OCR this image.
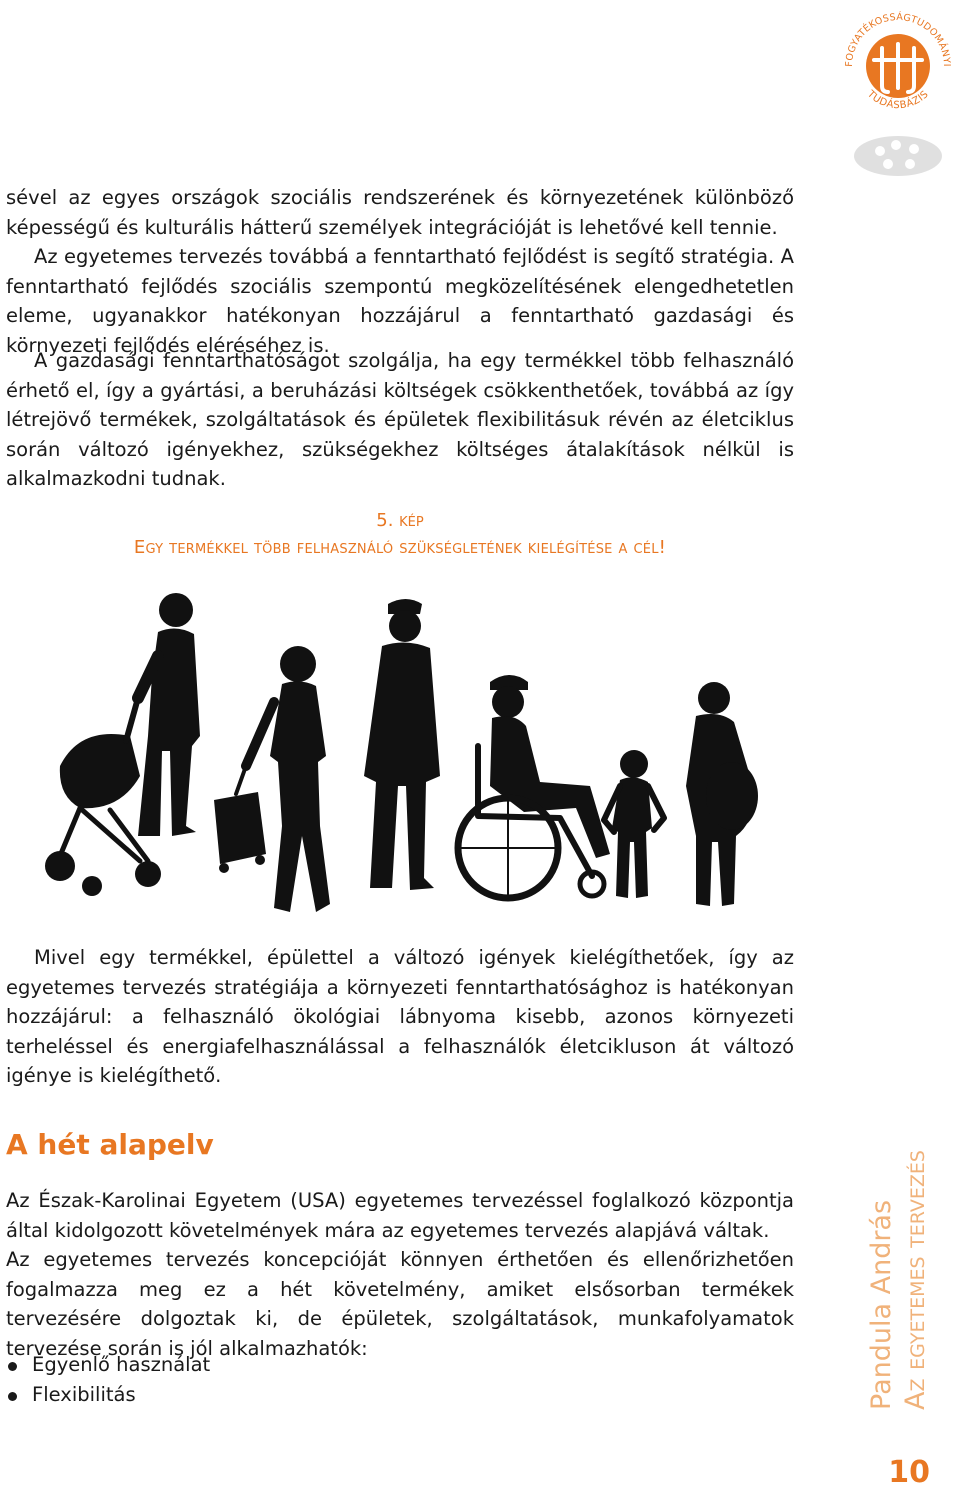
FOGYATÉKOSSÁGTUDOMÁNYI
TUDÁSBÁZIS

sével az egyes országok szociális rendszerének és környezetének különböző képességű és kulturális hátterű személyek integrációját is lehetővé kell tennie.

Az egyetemes tervezés továbbá a fenntartható fejlődést is segítő stratégia. A fenntartható fejlődés szociális szempontú megközelítésének elengedhetetlen eleme, ugyanakkor hatékonyan hozzájárul a fenntartható gazdasági és környezeti fejlődés eléréséhez is.

A gazdasági fenntarthatóságot szolgálja, ha egy termékkel több felhasználó érhető el, így a gyártási, a beruházási költségek csökkenthetőek, továbbá az így létrejövő termékek, szolgáltatások és épületek flexibilitásuk révén az életciklus során változó igényekhez, szükségekhez költséges átalakítások nélkül is alkalmazkodni tudnak.

5. kép
Egy termékkel több felhasználó szükségletének kielégítése a cél!

Mivel egy termékkel, épülettel a változó igények kielégíthetőek, így az egyetemes tervezés stratégiája a környezeti fenntarthatósághoz is hatékonyan hozzájárul: a felhasználó ökológiai lábnyoma kisebb, azonos környezeti terheléssel és energiafelhasználással a felhasználók életcikluson át változó igénye is kielégíthető.

A hét alapelv

Az Észak-Karolinai Egyetem (USA) egyetemes tervezéssel foglalkozó központja által kidolgozott követelmények mára az egyetemes tervezés alapjává váltak.

Az egyetemes tervezés koncepcióját könnyen érthetően és ellenőrizhetően fogalmazza meg ez a hét követelmény, amiket elsősorban termékek tervezésére dolgoztak ki, de épületek, szolgáltatások, munkafolyamatok tervezése során is jól alkalmazhatók:

Egyenlő használat
Flexibilitás	Pandula András Az egyetemes tervezés
10
